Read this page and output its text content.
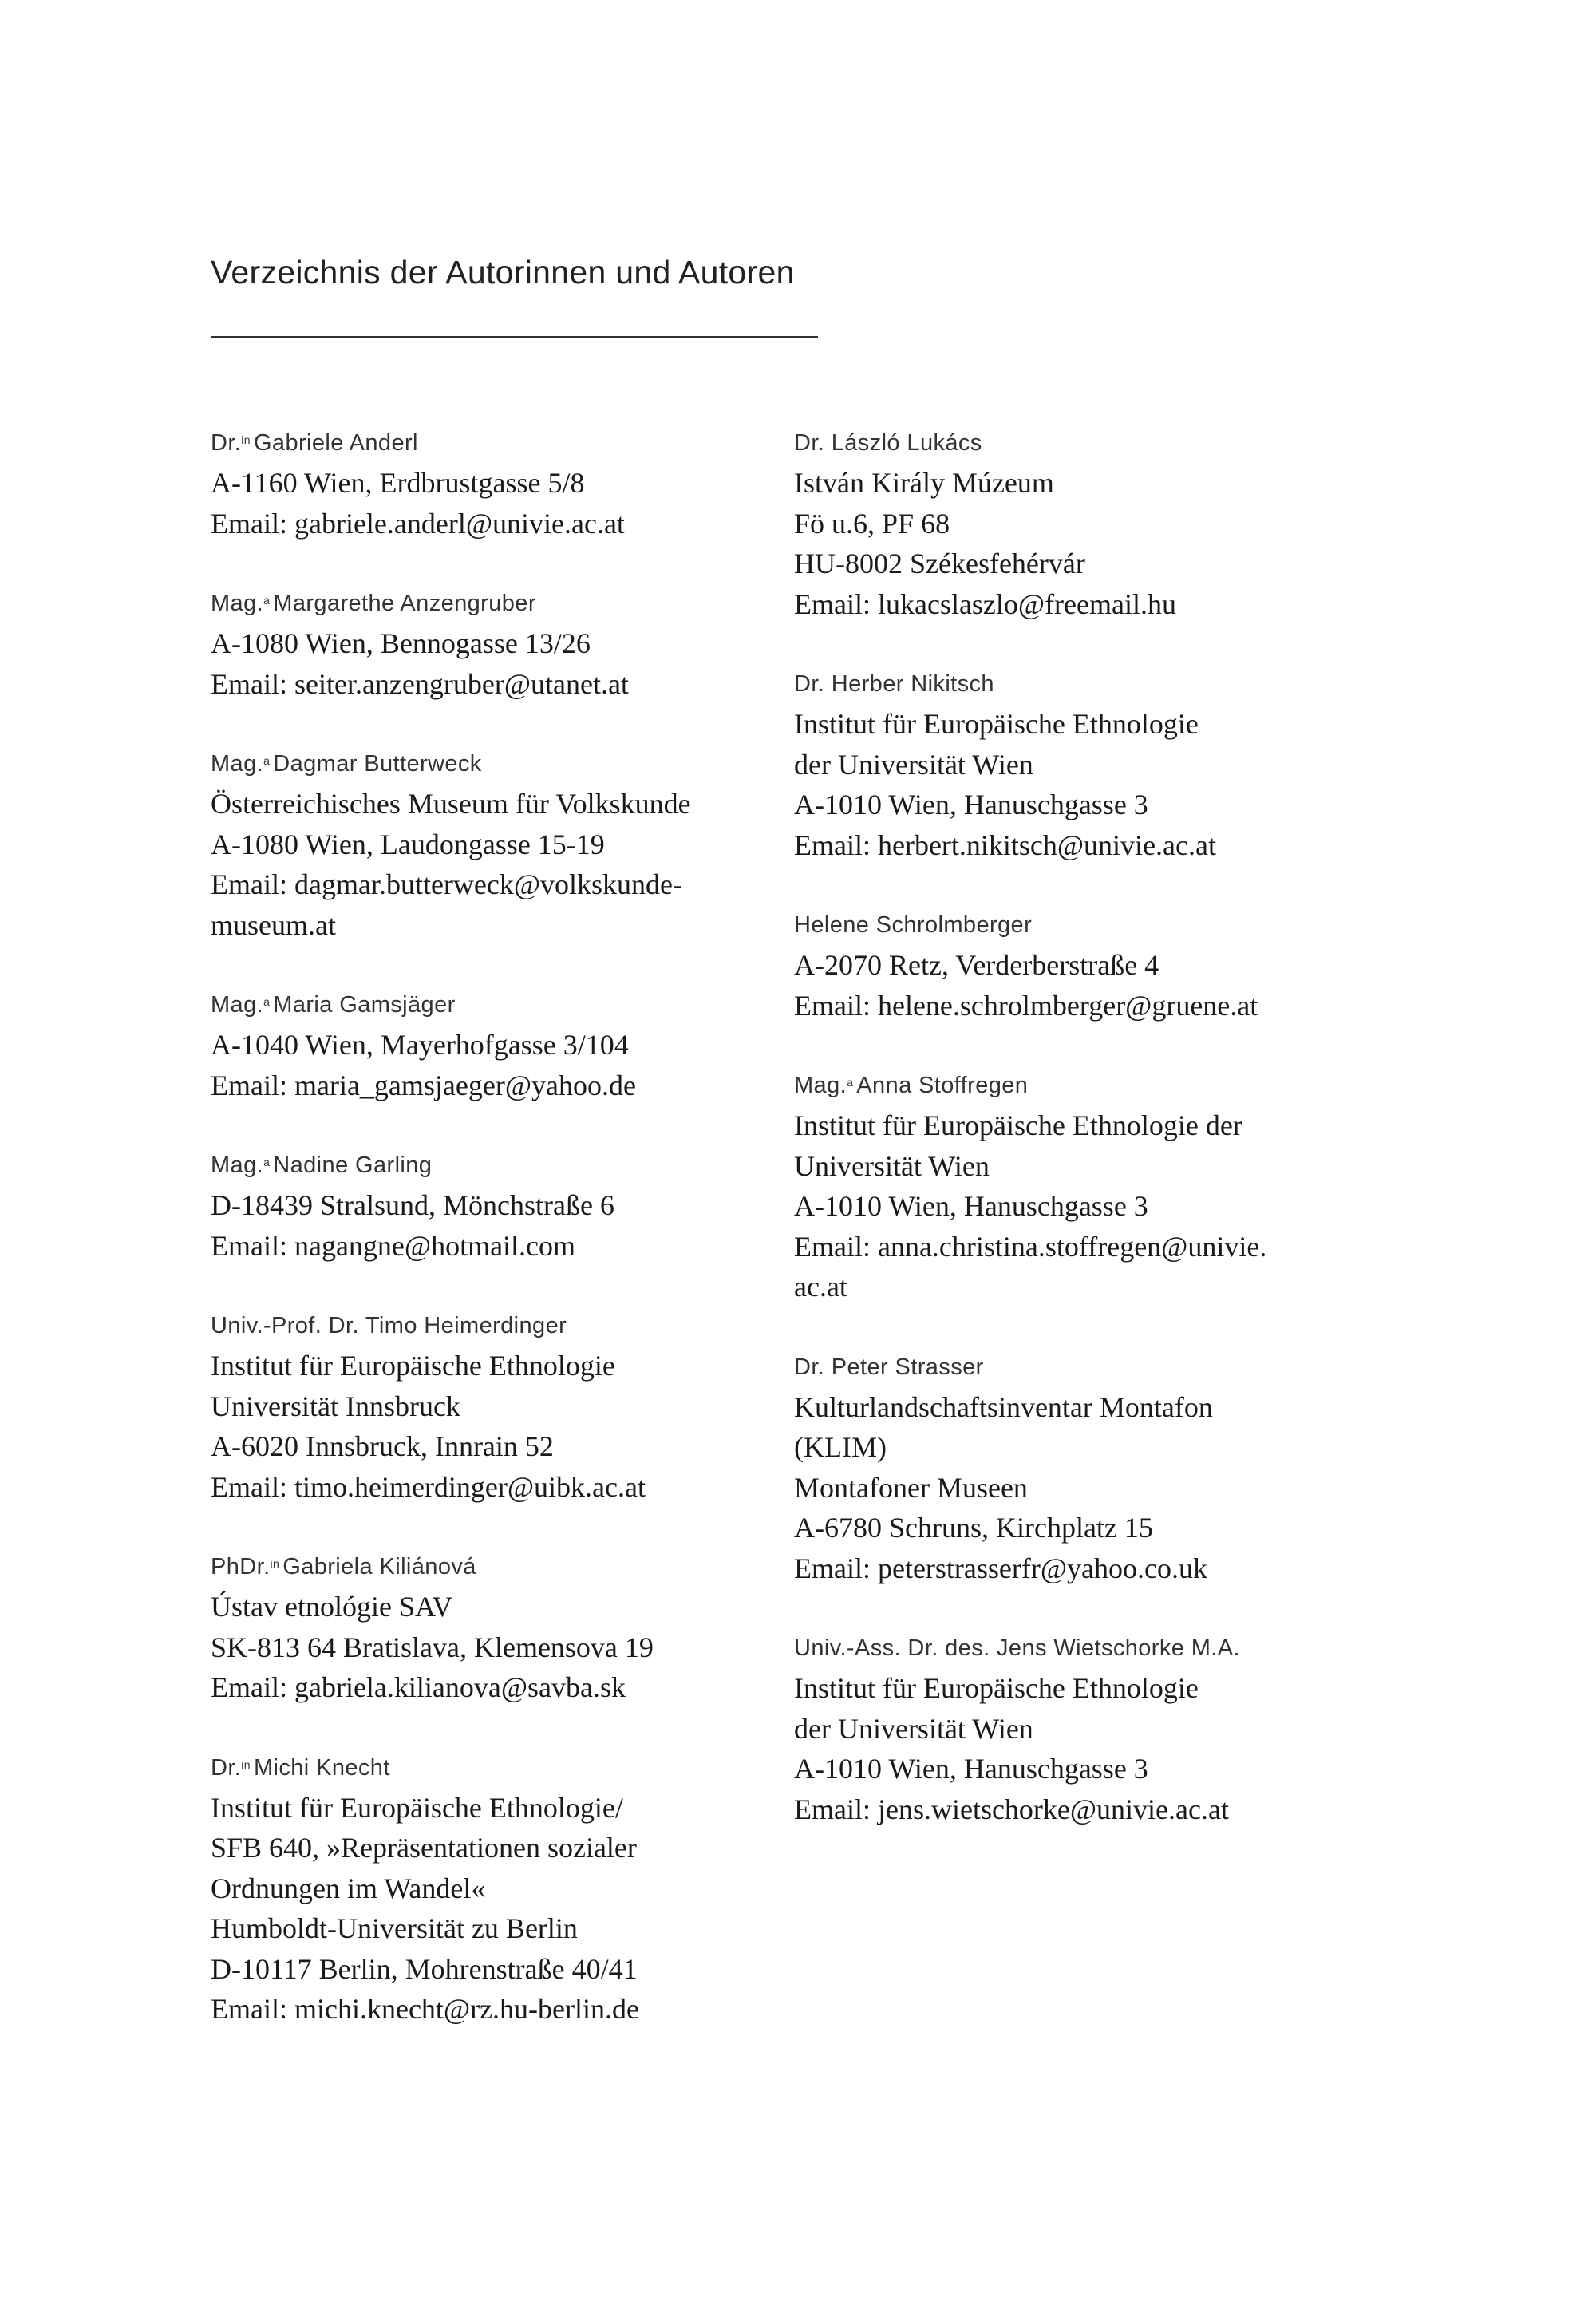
Verzeichnis der Autorinnen und Autoren
Dr.$^{in}$ Gabriele Anderl
A-1160 Wien, Erdbrustgasse 5/8
Email: gabriele.anderl@univie.ac.at
Mag.$^a$ Margarethe Anzengruber
A-1080 Wien, Bennogasse 13/26
Email: seiter.anzengruber@utanet.at
Mag.$^a$ Dagmar Butterweck
Österreichisches Museum für Volkskunde
A-1080 Wien, Laudongasse 15-19
Email: dagmar.butterweck@volkskunde-
museum.at
Mag.$^a$ Maria Gamsjäger
A-1040 Wien, Mayerhofgasse 3/104
Email: maria_gamsjaeger@yahoo.de
Mag.$^a$ Nadine Garling
D-18439 Stralsund, Mönchstraße 6
Email: nagangne@hotmail.com
Univ.-Prof. Dr. Timo Heimerdinger
Institut für Europäische Ethnologie
Universität Innsbruck
A-6020 Innsbruck, Innrain 52
Email: timo.heimerdinger@uibk.ac.at
PhDr.$^{in}$ Gabriela Kiliánová
Ústav etnológie SAV
SK-813 64 Bratislava, Klemensova 19
Email: gabriela.kilianova@savba.sk
Dr.$^{in}$ Michi Knecht
Institut für Europäische Ethnologie/
SFB 640, »Repräsentationen sozialer
Ordnungen im Wandel«
Humboldt-Universität zu Berlin
D-10117 Berlin, Mohrenstraße 40/41
Email: michi.knecht@rz.hu-berlin.de
Dr. László Lukács
István Király Múzeum
Fö u.6, PF 68
HU-8002 Székesfehérvár
Email: lukacslaszlo@freemail.hu
Dr. Herber Nikitsch
Institut für Europäische Ethnologie
der Universität Wien
A-1010 Wien, Hanuschgasse 3
Email: herbert.nikitsch@univie.ac.at
Helene Schrolmberger
A-2070 Retz, Verderberstraße 4
Email: helene.schrolmberger@gruene.at
Mag.$^a$ Anna Stoffregen
Institut für Europäische Ethnologie der
Universität Wien
A-1010 Wien, Hanuschgasse 3
Email: anna.christina.stoffregen@univie.
ac.at
Dr. Peter Strasser
Kulturlandschaftsinventar Montafon
(KLIM)
Montafoner Museen
A-6780 Schruns, Kirchplatz 15
Email: peterstrasserfr@yahoo.co.uk
Univ.-Ass. Dr. des. Jens Wietschorke M.A.
Institut für Europäische Ethnologie
der Universität Wien
A-1010 Wien, Hanuschgasse 3
Email: jens.wietschorke@univie.ac.at
